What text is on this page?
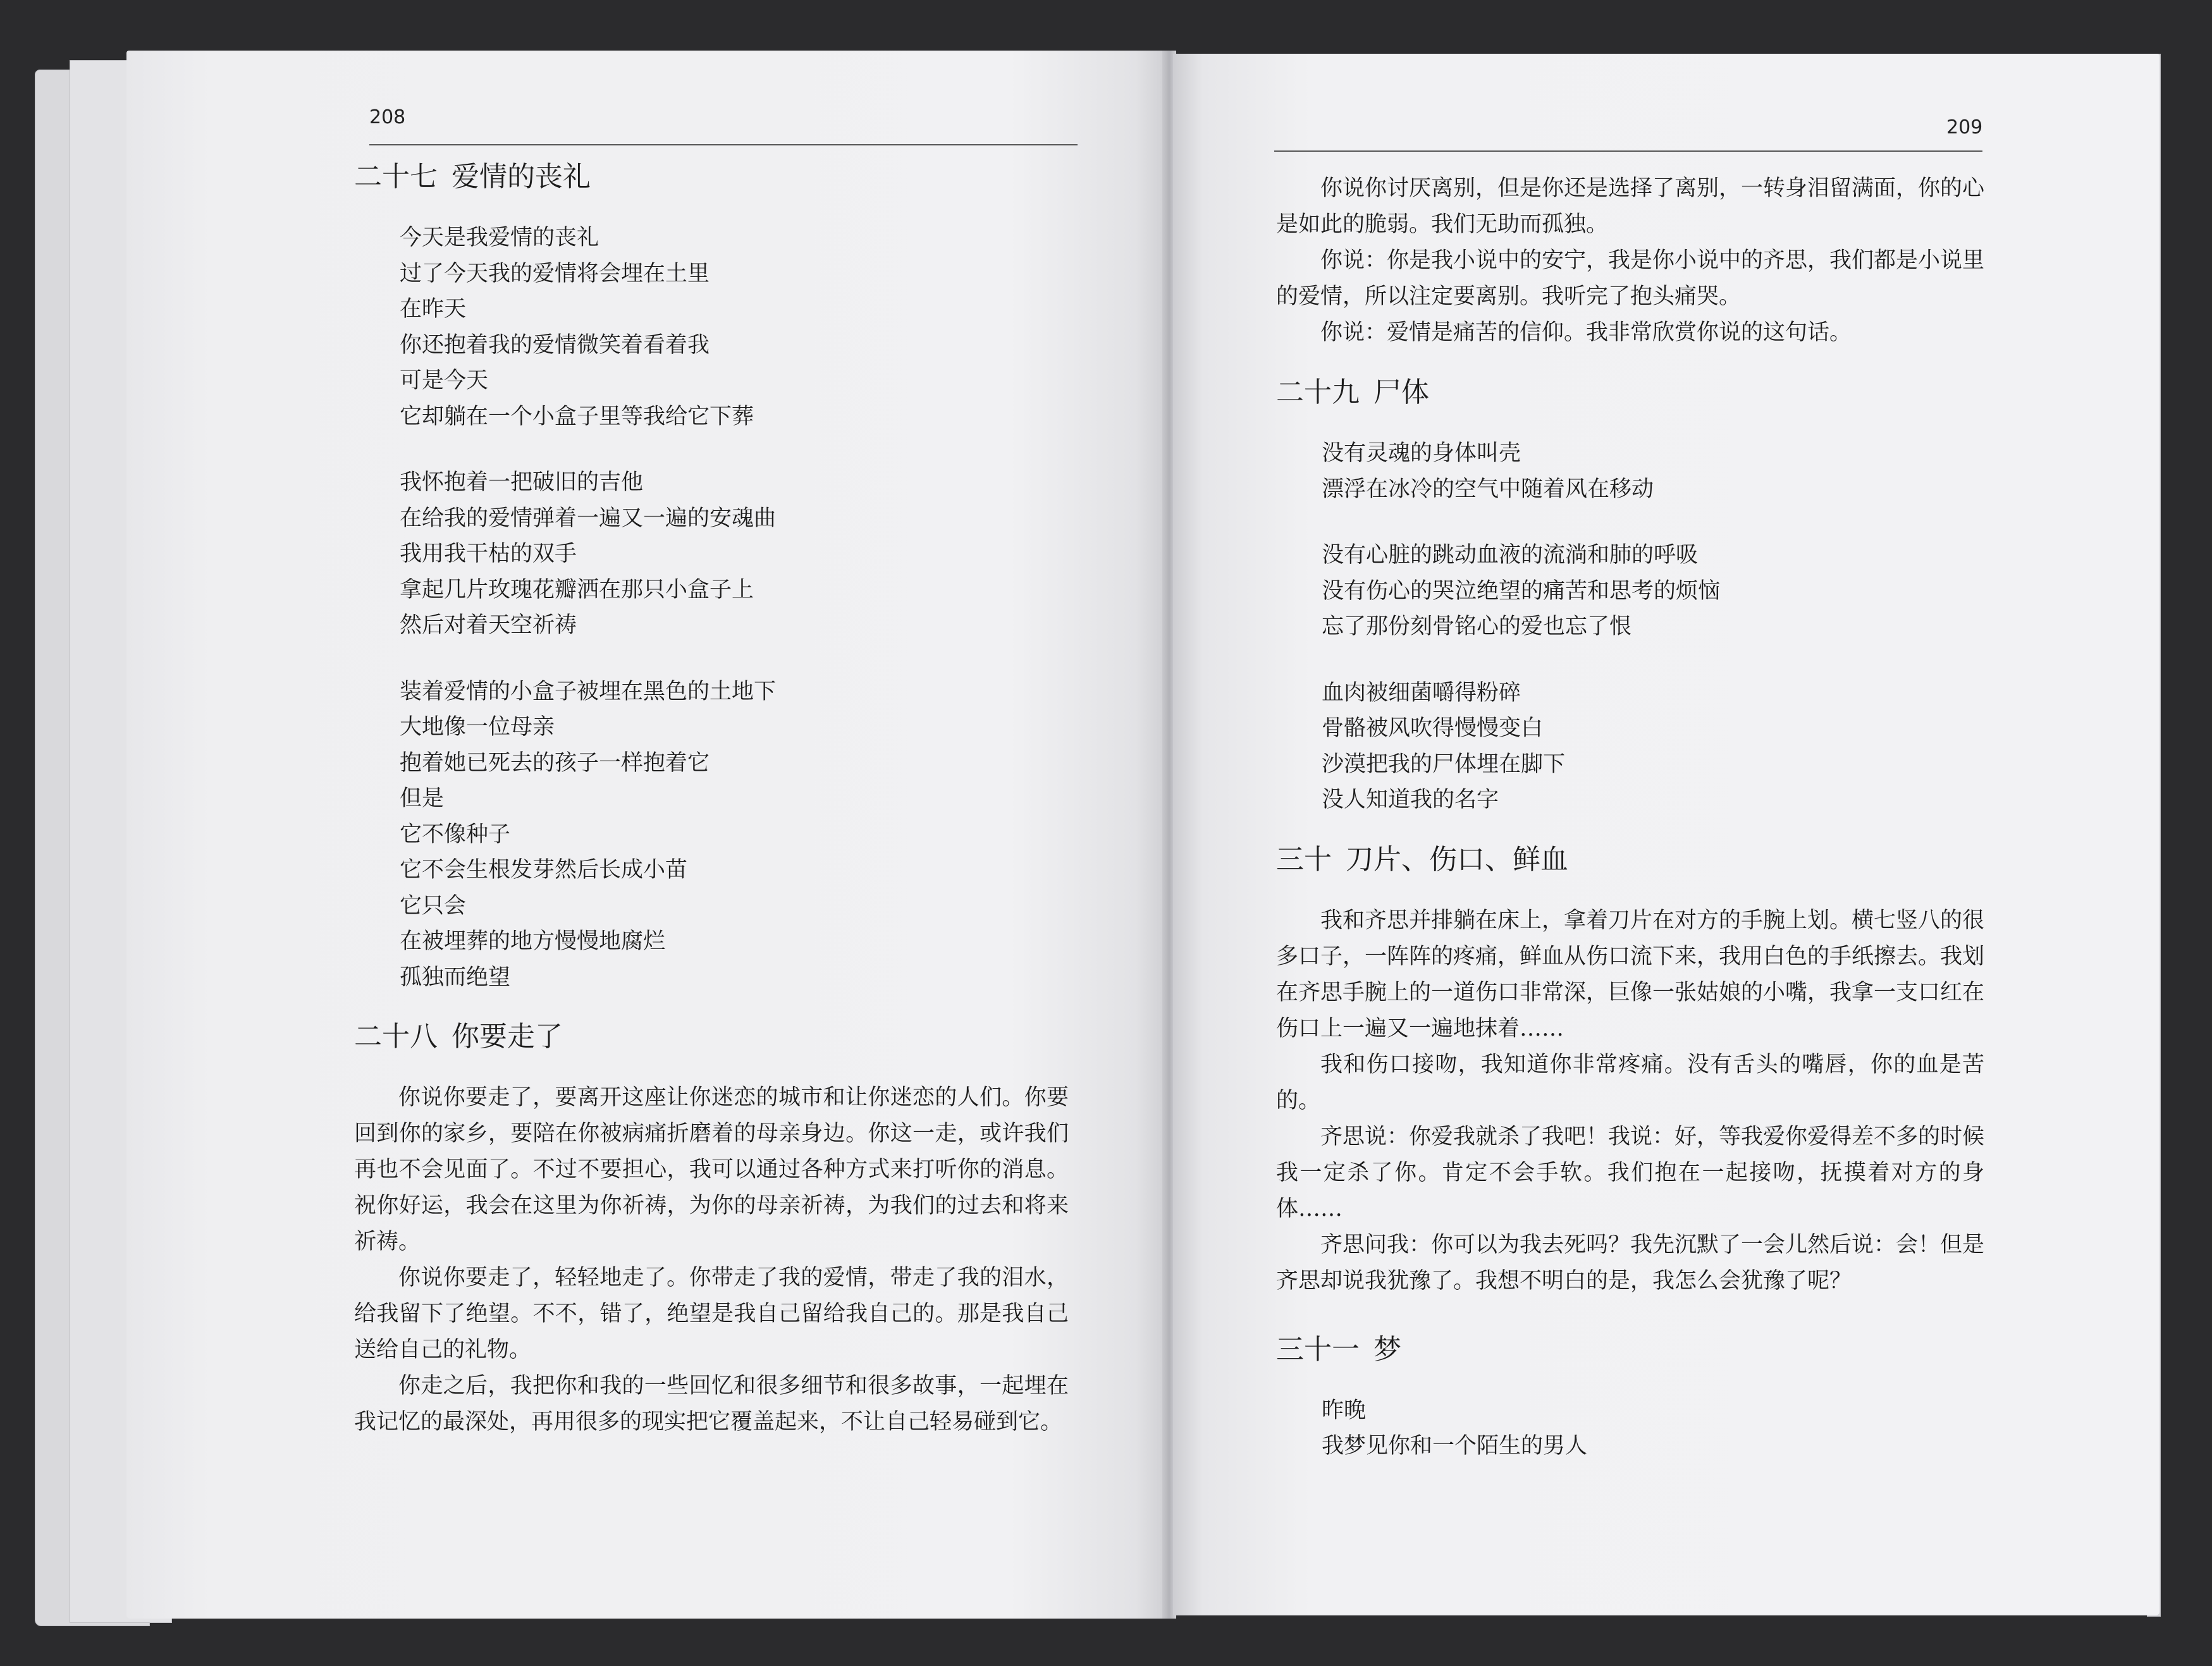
208	209
二十七 爱情的丧礼
今天是我爱情的丧礼
过了今天我的爱情将会埋在土里
在昨天
你还抱着我的爱情微笑着看着我
可是今天
它却躺在一个小盒子里等我给它下葬
我怀抱着一把破旧的吉他
在给我的爱情弹着一遍又一遍的安魂曲
我用我干枯的双手
拿起几片玫瑰花瓣洒在那只小盒子上
然后对着天空祈祷
装着爱情的小盒子被埋在黑色的土地下
大地像一位母亲
抱着她已死去的孩子一样抱着它
但是
它不像种子
它不会生根发芽然后长成小苗
它只会
在被埋葬的地方慢慢地腐烂
孤独而绝望
二十八 你要走了

你说你要走了，要离开这座让你迷恋的城市和让你迷恋的人们。你要回到你的家乡，要陪在你被病痛折磨着的母亲身边。你这一走，或许我们再也不会见面了。不过不要担心，我可以通过各种方式来打听你的消息。祝你好运，我会在这里为你祈祷，为你的母亲祈祷，为我们的过去和将来祈祷。

你说你要走了，轻轻地走了。你带走了我的爱情，带走了我的泪水，给我留下了绝望。不不，错了，绝望是我自己留给我自己的。那是我自己送给自己的礼物。

你走之后，我把你和我的一些回忆和很多细节和很多故事，一起埋在我记忆的最深处，再用很多的现实把它覆盖起来，不让自己轻易碰到它。

你说你讨厌离别，但是你还是选择了离别，一转身泪留满面，你的心是如此的脆弱。我们无助而孤独。

你说：你是我小说中的安宁，我是你小说中的齐思，我们都是小说里的爱情，所以注定要离别。我听完了抱头痛哭。

你说：爱情是痛苦的信仰。我非常欣赏你说的这句话。

二十九 尸体
没有灵魂的身体叫壳
漂浮在冰冷的空气中随着风在移动
没有心脏的跳动血液的流淌和肺的呼吸
没有伤心的哭泣绝望的痛苦和思考的烦恼
忘了那份刻骨铭心的爱也忘了恨
血肉被细菌嚼得粉碎
骨骼被风吹得慢慢变白
沙漠把我的尸体埋在脚下
没人知道我的名字
三十 刀片、伤口、鲜血

我和齐思并排躺在床上，拿着刀片在对方的手腕上划。横七竖八的很多口子，一阵阵的疼痛，鲜血从伤口流下来，我用白色的手纸擦去。我划在齐思手腕上的一道伤口非常深，巨像一张姑娘的小嘴，我拿一支口红在伤口上一遍又一遍地抹着……

我和伤口接吻，我知道你非常疼痛。没有舌头的嘴唇，你的血是苦的。

齐思说：你爱我就杀了我吧！我说：好，等我爱你爱得差不多的时候我一定杀了你。肯定不会手软。我们抱在一起接吻，抚摸着对方的身体……

齐思问我：你可以为我去死吗？我先沉默了一会儿然后说：会！但是齐思却说我犹豫了。我想不明白的是，我怎么会犹豫了呢？

三十一 梦
昨晚
我梦见你和一个陌生的男人
